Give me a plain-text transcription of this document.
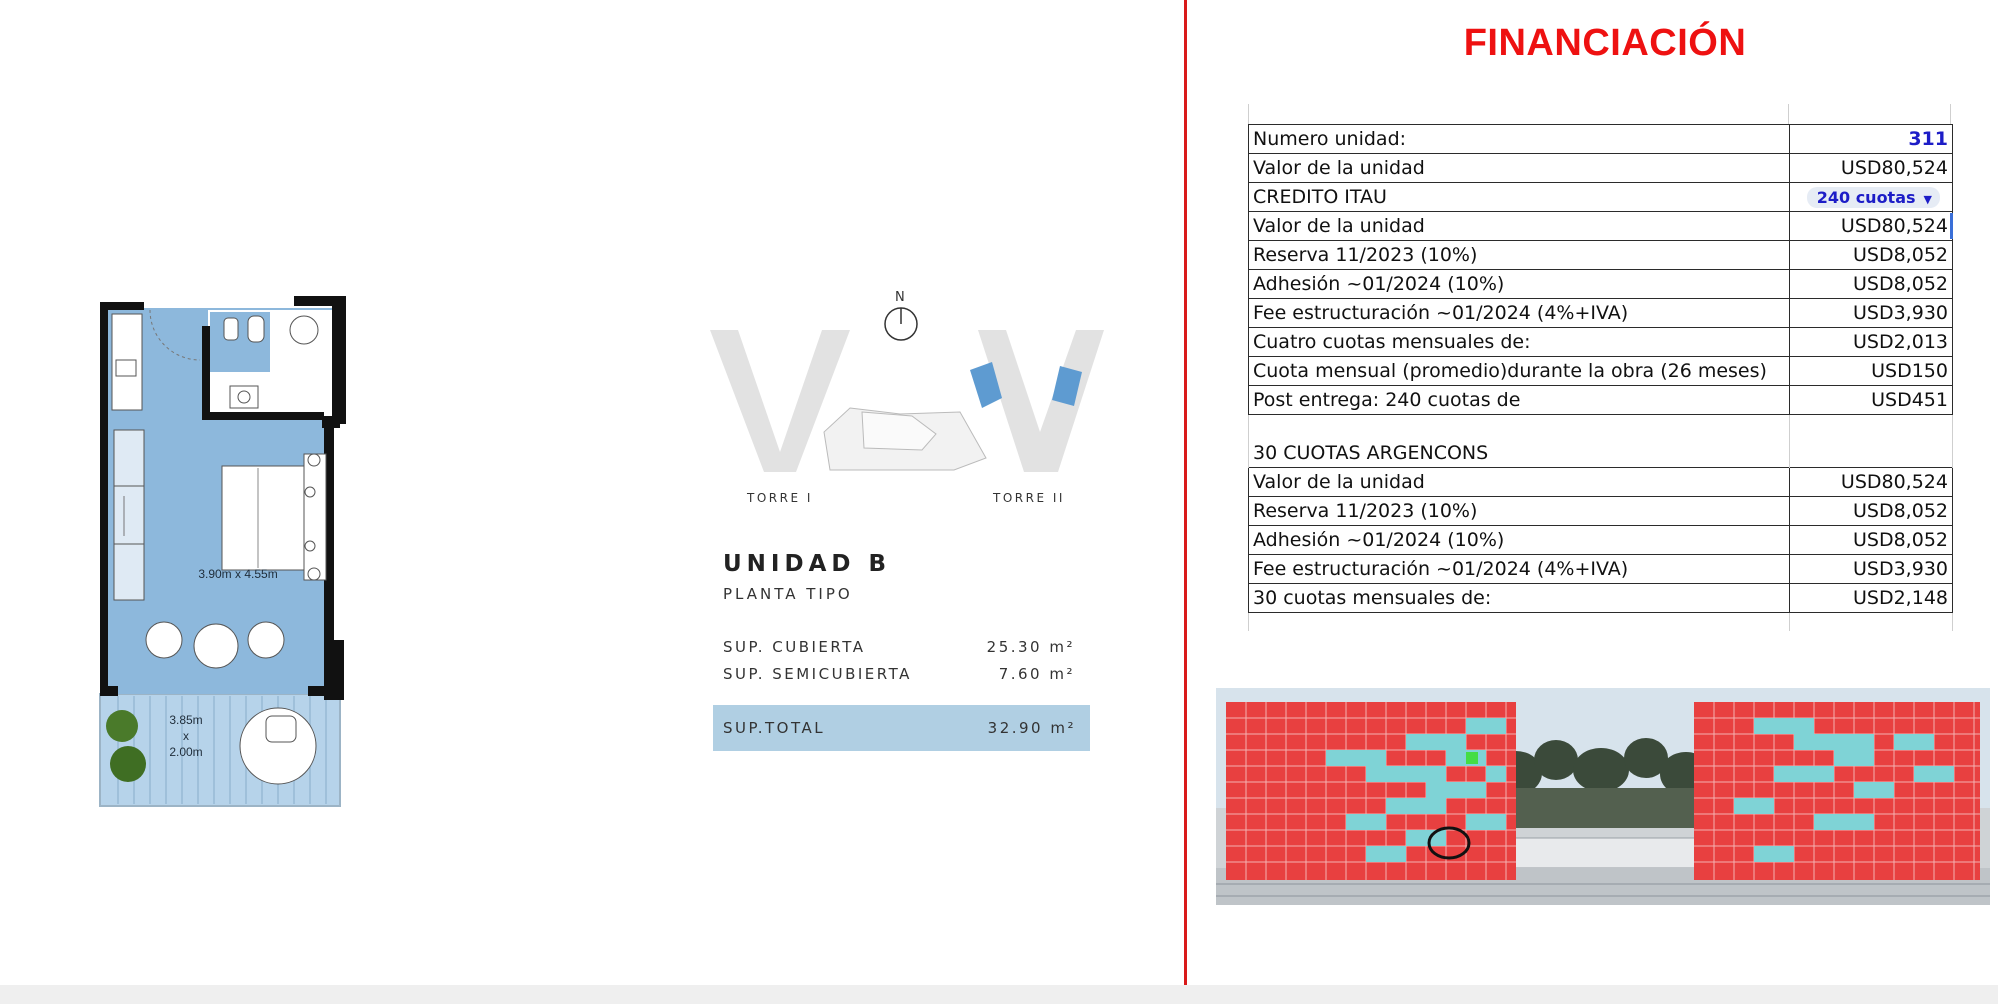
3.90m x 4.55m
3.85m
x
2.00m
N
TORRE I	TORRE II
UNIDAD B
PLANTA TIPO
SUP. CUBIERTA	25.30 m²
SUP. SEMICUBIERTA	7.60 m²
SUP.TOTAL	32.90 m²
FINANCIACIÓN
Numero unidad:	311
Valor de la unidad	USD80,524
CREDITO ITAU	240 cuotas ▼
Valor de la unidad	USD80,524
Reserva 11/2023 (10%)	USD8,052
Adhesión ~01/2024 (10%)	USD8,052
Fee estructuración ~01/2024 (4%+IVA)	USD3,930
Cuatro cuotas mensuales de:	USD2,013
Cuota mensual (promedio)durante la obra (26 meses)	USD150
Post entrega: 240 cuotas de	USD451

30 CUOTAS ARGENCONS	
Valor de la unidad	USD80,524
Reserva 11/2023 (10%)	USD8,052
Adhesión ~01/2024 (10%)	USD8,052
Fee estructuración ~01/2024 (4%+IVA)	USD3,930
30 cuotas mensuales de:	USD2,148
